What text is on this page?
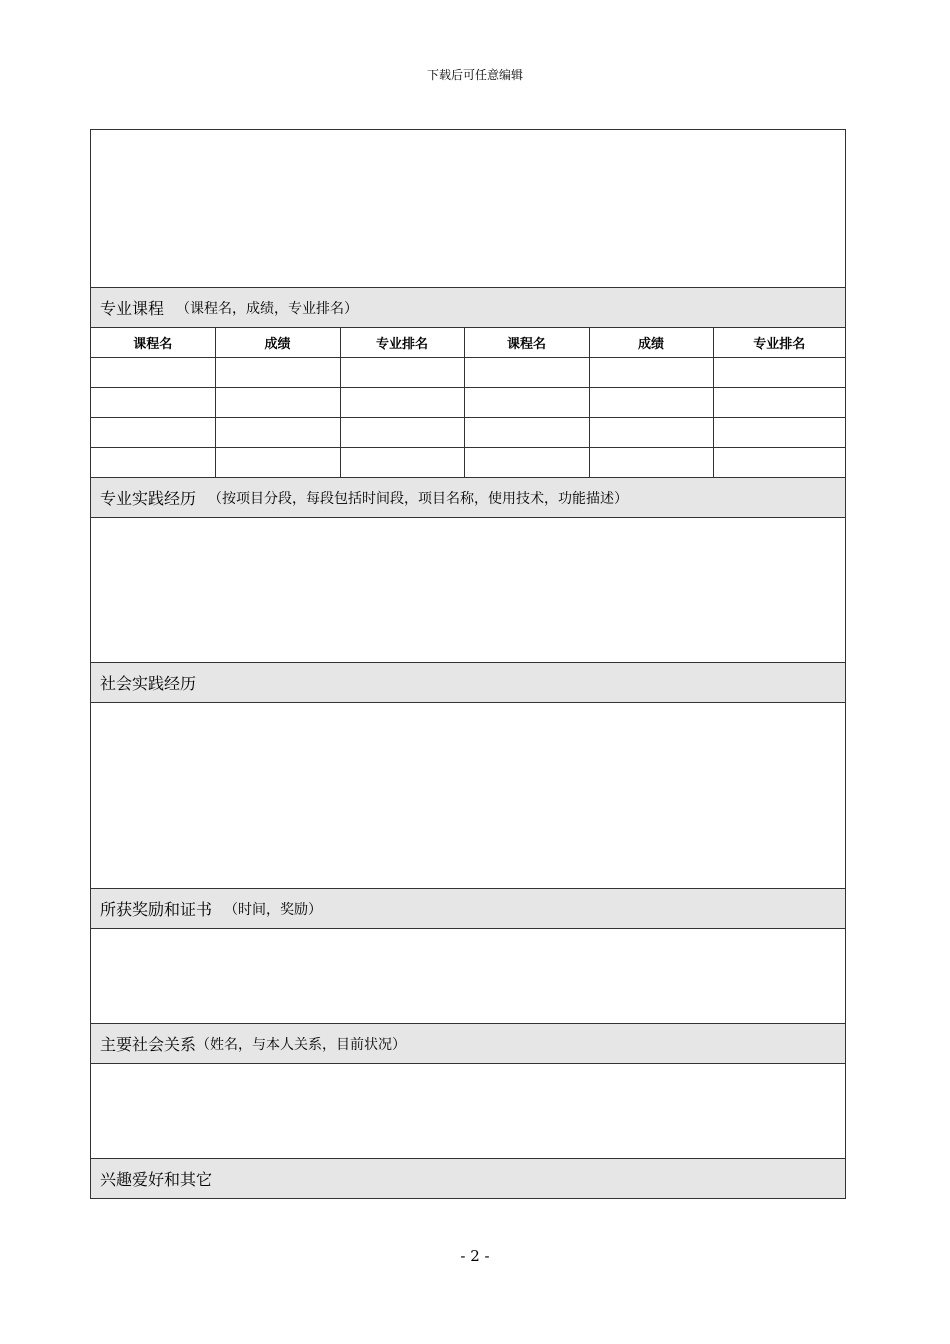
下载后可任意编辑
专业课程 （课程名，成绩，专业排名）
课程名	成绩	专业排名	课程名	成绩	专业排名

专业实践经历 （按项目分段，每段包括时间段，项目名称，使用技术，功能描述）
社会实践经历
所获奖励和证书 （时间，奖励）
主要社会关系 （姓名，与本人关系，目前状况）
兴趣爱好和其它
- 2 -
